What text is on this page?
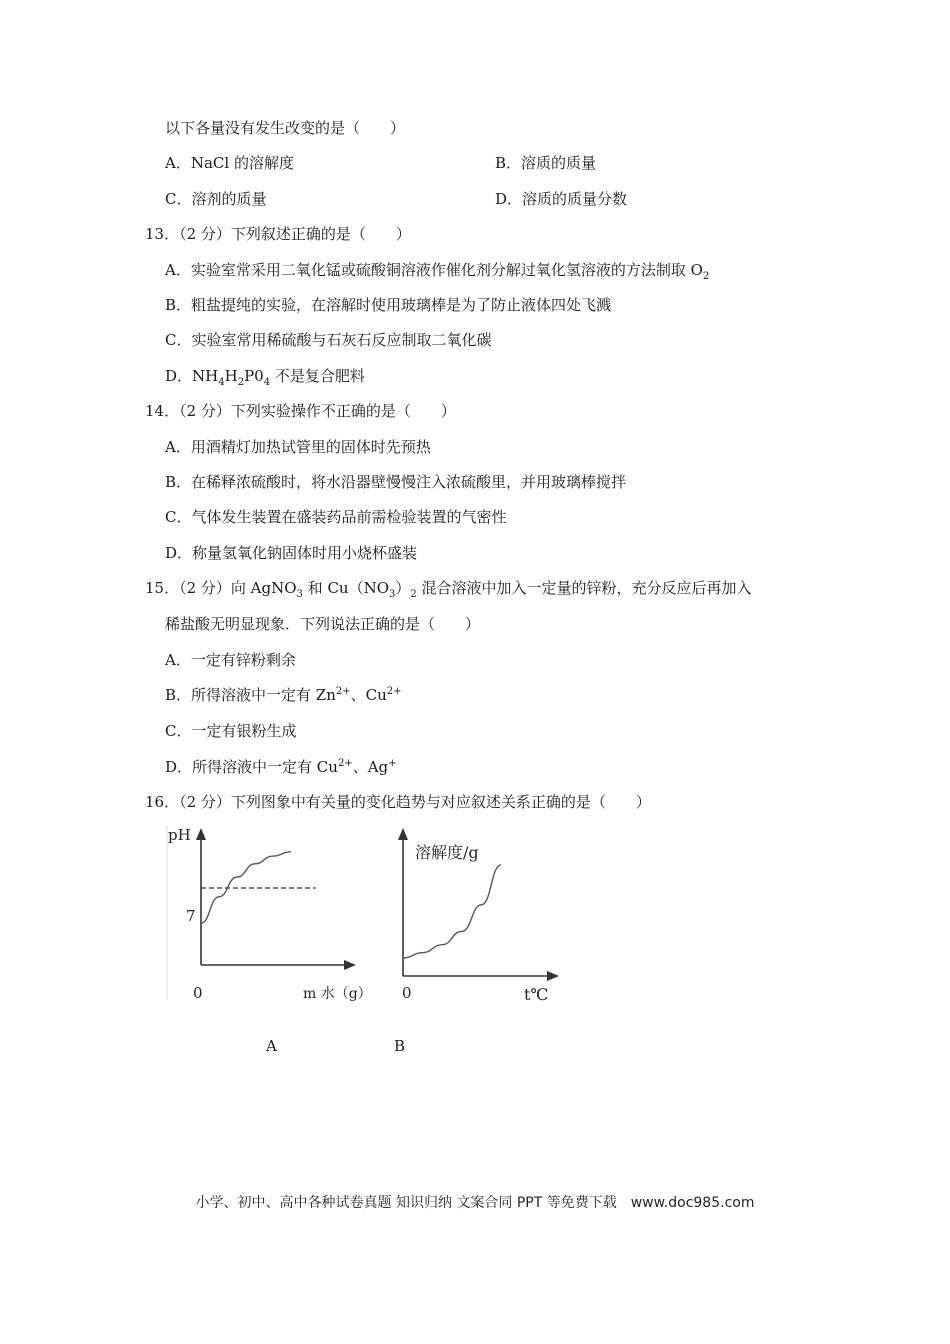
以下各量没有发生改变的是（　　）
A．NaCl 的溶解度	B．溶质的质量
C．溶剂的质量	D．溶质的质量分数
13．（2 分）下列叙述正确的是（　　）
A．实验室常采用二氧化锰或硫酸铜溶液作催化剂分解过氧化氢溶液的方法制取 $O_2$
B．粗盐提纯的实验，在溶解时使用玻璃棒是为了防止液体四处飞溅
C．实验室常用稀硫酸与石灰石反应制取二氧化碳
D．$NH_4H_2P0_4$ 不是复合肥料
14．（2 分）下列实验操作不正确的是（　　）
A．用酒精灯加热试管里的固体时先预热
B．在稀释浓硫酸时，将水沿器壁慢慢注入浓硫酸里，并用玻璃棒搅拌
C．气体发生装置在盛装药品前需检验装置的气密性
D．称量氢氧化钠固体时用小烧杯盛装
15．（2 分）向 AgNO$_3$ 和 $Cu(NO_3)_2$ 混合溶液中加入一定量的锌粉，充分反应后再加入
稀盐酸无明显现象．下列说法正确的是（　　）
A．一定有锌粉剩余
B．所得溶液中一定有 $Zn^{2+}$、$Cu^{2+}$
C．一定有银粉生成
D．所得溶液中一定有 $Cu^{2+}$、Ag+
16．（2 分）下列图象中有关量的变化趋势与对应叙述关系正确的是（　　）
pH
7
0	m 水（g）
溶解度/g
0	t℃
A	B
小学、初中、高中各种试卷真题 知识归纳 文案合同 PPT 等免费下载　www.doc985.com
